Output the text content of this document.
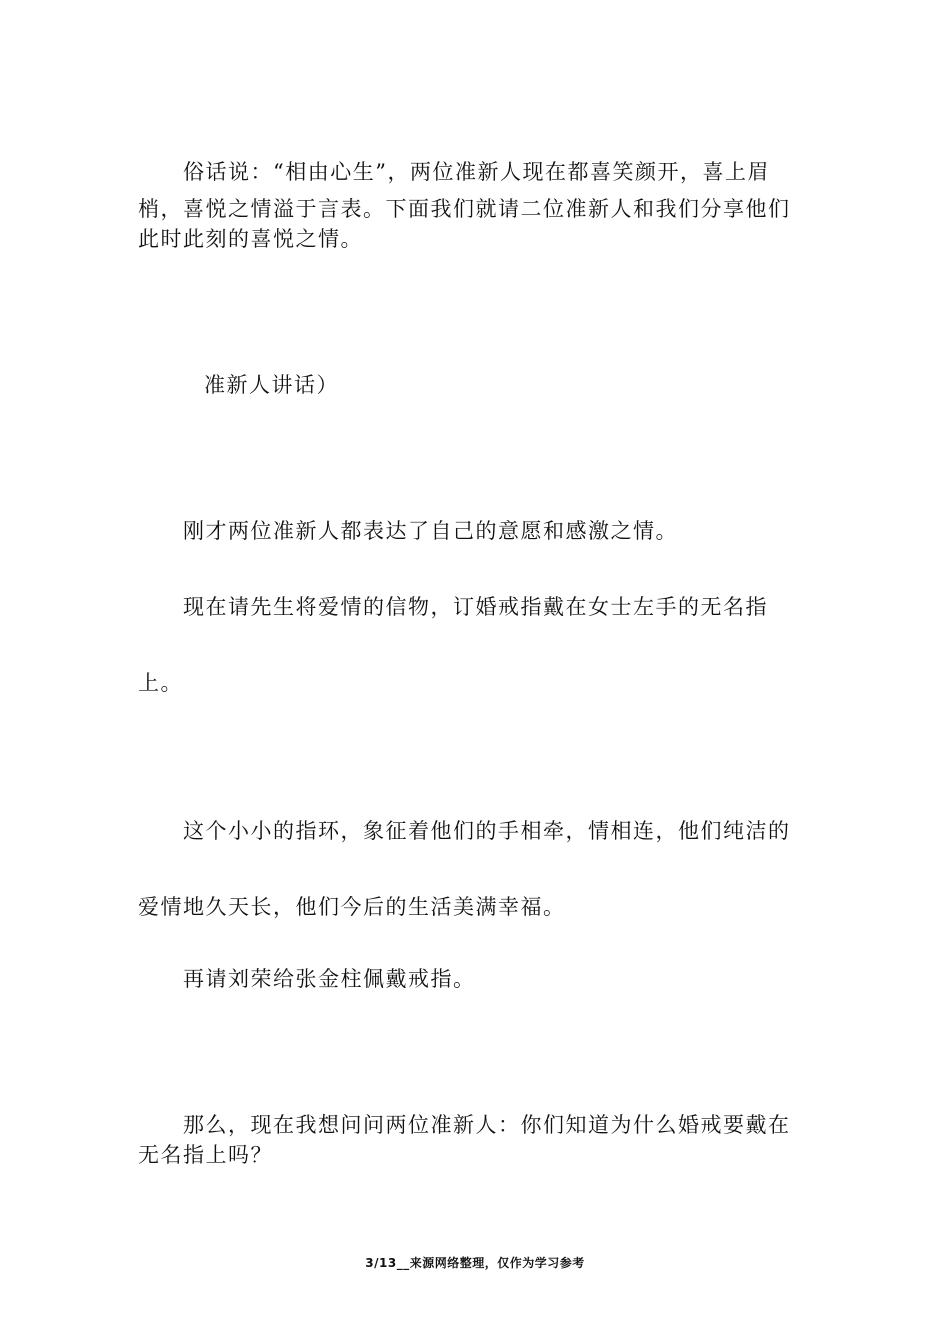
俗话说：“相由心生”，两位准新人现在都喜笑颜开，喜上眉
梢，喜悦之情溢于言表。下面我们就请二位准新人和我们分享他们
此时此刻的喜悦之情。
准新人讲话）
刚才两位准新人都表达了自己的意愿和感激之情。
现在请先生将爱情的信物，订婚戒指戴在女士左手的无名指
上。
这个小小的指环，象征着他们的手相牵，情相连，他们纯洁的
爱情地久天长，他们今后的生活美满幸福。
再请刘荣给张金柱佩戴戒指。
那么，现在我想问问两位准新人：你们知道为什么婚戒要戴在
无名指上吗？
3/13__来源网络整理，仅作为学习参考
